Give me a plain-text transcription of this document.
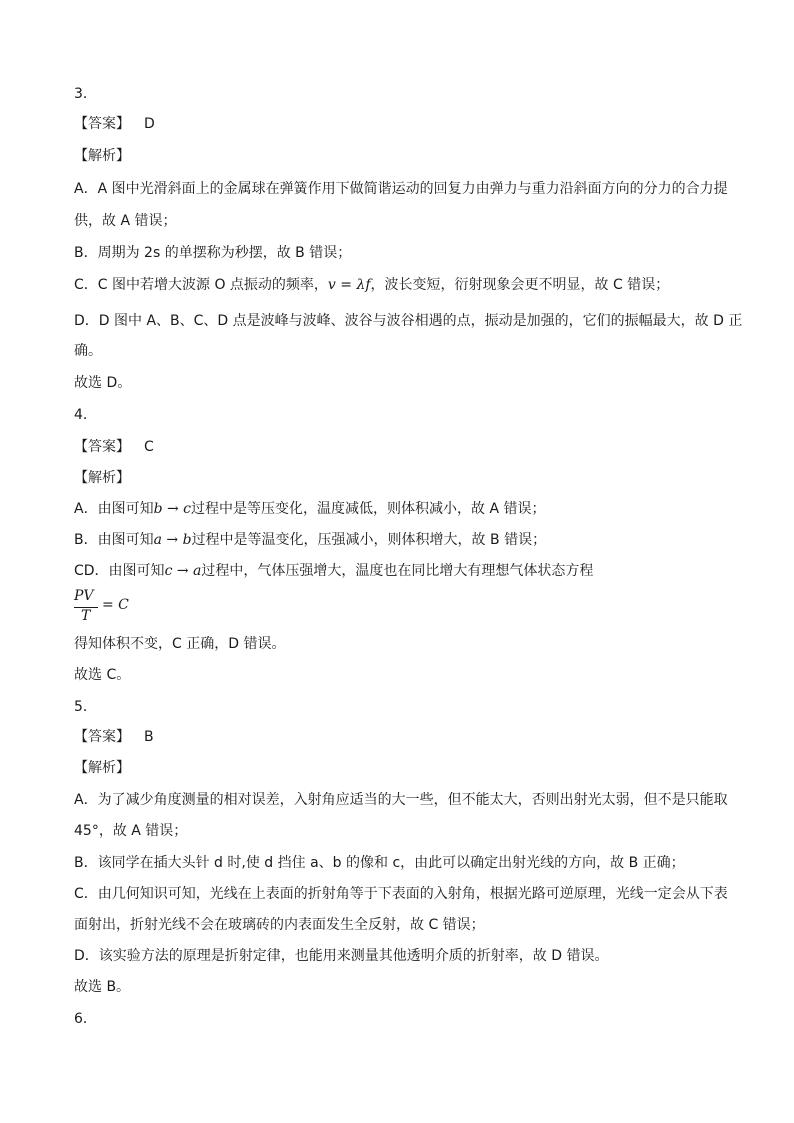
3．
【答案】 D
【解析】
A．A 图中光滑斜面上的金属球在弹簧作用下做简谐运动的回复力由弹力与重力沿斜面方向的分力的合力提
供，故 A 错误；
B．周期为 2s 的单摆称为秒摆，故 B 错误；
C．C 图中若增大波源 O 点振动的频率，v = λf，波长变短，衍射现象会更不明显，故 C 错误；
D．D 图中 A、B、C、D 点是波峰与波峰、波谷与波谷相遇的点，振动是加强的，它们的振幅最大，故 D 正
确。
故选 D。
4．
【答案】 C
【解析】
A．由图可知b → c过程中是等压变化，温度减低，则体积减小，故 A 错误；
B．由图可知a → b过程中是等温变化，压强减小，则体积增大，故 B 错误；
CD．由图可知c → a过程中，气体压强增大，温度也在同比增大有理想气体状态方程
PV
T
= C
得知体积不变，C 正确，D 错误。
故选 C。
5．
【答案】 B
【解析】
A．为了减少角度测量的相对误差，入射角应适当的大一些，但不能太大，否则出射光太弱，但不是只能取
45°，故 A 错误；
B．该同学在插大头针 d 时,使 d 挡住 a、b 的像和 c，由此可以确定出射光线的方向，故 B 正确；
C．由几何知识可知，光线在上表面的折射角等于下表面的入射角，根据光路可逆原理，光线一定会从下表
面射出，折射光线不会在玻璃砖的内表面发生全反射，故 C 错误；
D．该实验方法的原理是折射定律，也能用来测量其他透明介质的折射率，故 D 错误。
故选 B。
6．
